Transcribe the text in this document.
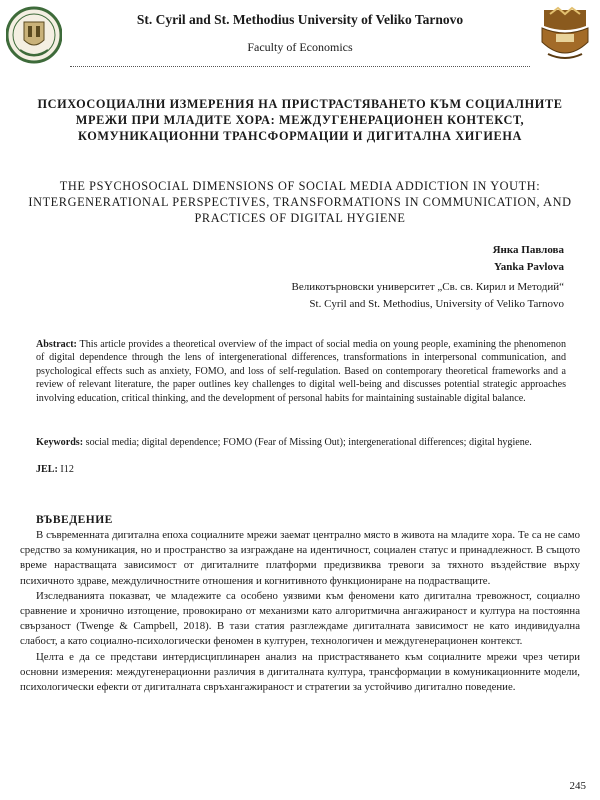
St. Cyril and St. Methodius University of Veliko Tarnovo
Faculty of Economics
ПСИХОСОЦИАЛНИ ИЗМЕРЕНИЯ НА ПРИСТРАСТЯВАНЕТО КЪМ СОЦИАЛНИТЕ МРЕЖИ ПРИ МЛАДИТЕ ХОРА: МЕЖДУГЕНЕРАЦИОНЕН КОНТЕКСТ, КОМУНИКАЦИОННИ ТРАНСФОРМАЦИИ И ДИГИТАЛНА ХИГИЕНА
THE PSYCHOSOCIAL DIMENSIONS OF SOCIAL MEDIA ADDICTION IN YOUTH: INTERGENERATIONAL PERSPECTIVES, TRANSFORMATIONS IN COMMUNICATION, AND PRACTICES OF DIGITAL HYGIENE
Янка Павлова
Yanka Pavlova
Великотърновски университет „Св. св. Кирил и Методий“
St. Cyril and St. Methodius, University of Veliko Tarnovo
Abstract: This article provides a theoretical overview of the impact of social media on young people, examining the phenomenon of digital dependence through the lens of intergenerational differences, transformations in interpersonal communication, and psychological effects such as anxiety, FOMO, and loss of self-regulation. Based on contemporary theoretical frameworks and a review of relevant literature, the paper outlines key challenges to digital well-being and discusses potential strategic approaches involving education, critical thinking, and the development of personal habits for maintaining sustainable digital balance.
Keywords: social media; digital dependence; FOMO (Fear of Missing Out); intergenerational differences; digital hygiene.
JEL: I12
ВЪВЕДЕНИЕ

В съвременната дигитална епоха социалните мрежи заемат централно място в живота на младите хора. Те са не само средство за комуникация, но и пространство за изграждане на идентичност, социален статус и принадлежност. В същото време нарастващата зависимост от дигиталните платформи предизвиква тревоги за тяхното въздействие върху психичното здраве, междуличностните отношения и когнитивното функциониране на подрастващите.

Изследванията показват, че младежите са особено уязвими към феномени като дигитална тревожност, социално сравнение и хронично изтощение, провокирано от механизми като алгоритмична ангажираност и култура на постоянна свързаност (Twenge & Campbell, 2018). В тази статия разглеждаме дигиталната зависимост не като индивидуална слабост, а като социално-психологически феномен в културен, технологичен и междугенерационен контекст.

Целта е да се представи интердисциплинарен анализ на пристрастяването към социалните мрежи чрез четири основни измерения: междугенерационни различия в дигиталната култура, трансформации в комуникационните модели, психологически ефекти от дигиталната свръхангажираност и стратегии за устойчиво дигитално поведение.

245
